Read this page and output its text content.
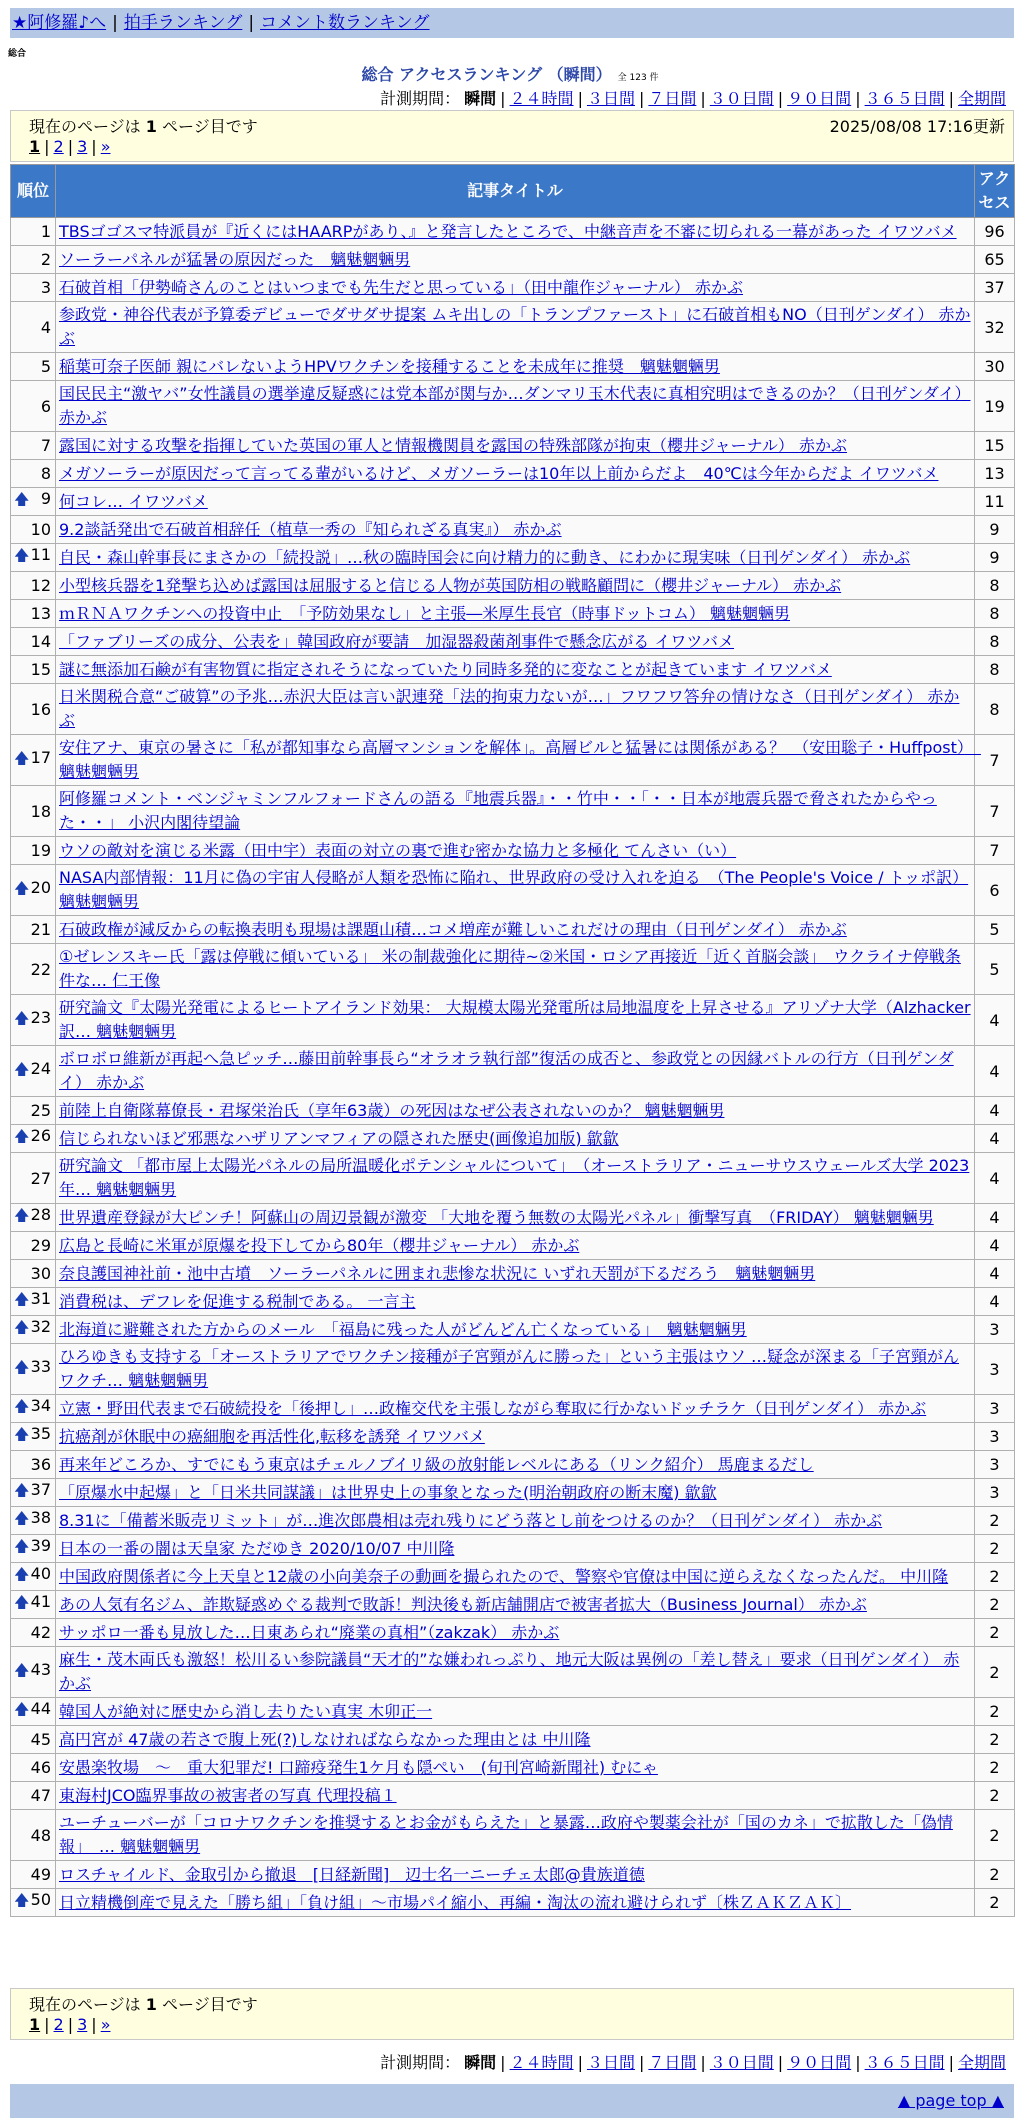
★阿修羅♪へ | 拍手ランキング | コメント数ランキング
総合
総合 アクセスランキング （瞬間） 全 123 件
計測期間： 瞬間 | ２４時間 | ３日間 | ７日間 | ３０日間 | ９０日間 | ３６５日間 | 全期間
現在のページは 1 ページ目です	2025/08/08 17:16更新
1 | 2 | 3 | »
順位	記事タイトル	アクセス
1	TBSゴゴスマ特派員が『近くにはHAARPがあり、』と発言したところで、中継音声を不審に切られる一幕があった イワツバメ	96
2	ソーラーパネルが猛暑の原因だった　魑魅魍魎男	65
3	石破首相「伊勢崎さんのことはいつまでも先生だと思っている」（田中龍作ジャーナル） 赤かぶ	37
4	参政党・神谷代表が予算委デビューでダサダサ提案 ムキ出しの「トランプファースト」に石破首相もNO（日刊ゲンダイ） 赤かぶ	32
5	稲葉可奈子医師 親にバレないようHPVワクチンを接種することを未成年に推奨　魑魅魍魎男	30
6	国民民主“激ヤバ”女性議員の選挙違反疑惑には党本部が関与か…ダンマリ玉木代表に真相究明はできるのか？（日刊ゲンダイ） 赤かぶ	19
7	露国に対する攻撃を指揮していた英国の軍人と情報機関員を露国の特殊部隊が拘束（櫻井ジャーナル） 赤かぶ	15
8	メガソーラーが原因だって言ってる輩がいるけど、メガソーラーは10年以上前からだよ　40℃は今年からだよ イワツバメ	13

🡅 9	何コレ… イワツバメ	11
10	9.2談話発出で石破首相辞任（植草一秀の『知られざる真実』） 赤かぶ	9

🡅 11	自民・森山幹事長にまさかの「続投説」…秋の臨時国会に向け精力的に動き、にわかに現実味（日刊ゲンダイ） 赤かぶ	9
12	小型核兵器を1発撃ち込めば露国は屈服すると信じる人物が英国防相の戦略顧問に（櫻井ジャーナル） 赤かぶ	8
13	ｍＲＮＡワクチンへの投資中止　「予防効果なし」と主張―米厚生長官（時事ドットコム） 魑魅魍魎男	8
14	「ファブリーズの成分、公表を」韓国政府が要請　加湿器殺菌剤事件で懸念広がる イワツバメ	8
15	謎に無添加石鹸が有害物質に指定されそうになっていたり同時多発的に変なことが起きています イワツバメ	8
16	日米関税合意“ご破算”の予兆…赤沢大臣は言い訳連発「法的拘束力ないが…」フワフワ答弁の情けなさ（日刊ゲンダイ） 赤かぶ	8

🡅 17	安住アナ、東京の暑さに「私が都知事なら高層マンションを解体」。高層ビルと猛暑には関係がある？　（安田聡子・Huffpost）　魑魅魍魎男	7
18	阿修羅コメント・ベンジャミンフルフォードさんの語る『地震兵器』・・竹中・・「・・日本が地震兵器で脅されたからやった・・」 小沢内閣待望論	7
19	ウソの敵対を演じる米露（田中宇）表面の対立の裏で進む密かな協力と多極化 てんさい（い）	7

🡅 20	NASA内部情報：11月に偽の宇宙人侵略が人類を恐怖に陥れ、世界政府の受け入れを迫る　（The People's Voice / トッポ訳） 魑魅魍魎男	6
21	石破政権が減反からの転換表明も現場は課題山積…コメ増産が難しいこれだけの理由（日刊ゲンダイ） 赤かぶ	5
22	①ゼレンスキー氏「露は停戦に傾いている」 米の制裁強化に期待~②米国・ロシア再接近「近く首脳会談」　ウクライナ停戦条件な… 仁王像	5

🡅 23	研究論文『太陽光発電によるヒートアイランド効果： 大規模太陽光発電所は局地温度を上昇させる』アリゾナ大学（Alzhacker訳… 魑魅魍魎男	4

🡅 24	ボロボロ維新が再起へ急ピッチ…藤田前幹事長ら“オラオラ執行部”復活の成否と、参政党との因縁バトルの行方（日刊ゲンダイ） 赤かぶ	4
25	前陸上自衛隊幕僚長・君塚栄治氏（享年63歳）の死因はなぜ公表されないのか？ 魑魅魍魎男	4

🡅 26	信じられないほど邪悪なハザリアンマフィアの隠された歴史(画像追加版) 歙歙	4
27	研究論文 「都市屋上太陽光パネルの局所温暖化ポテンシャルについて」　（オーストラリア・ニューサウスウェールズ大学 2023年… 魑魅魍魎男	4

🡅 28	世界遺産登録が大ピンチ！阿蘇山の周辺景観が激変 「大地を覆う無数の太陽光パネル」衝撃写真　（FRIDAY） 魑魅魍魎男	4
29	広島と長崎に米軍が原爆を投下してから80年（櫻井ジャーナル） 赤かぶ	4
30	奈良護国神社前・池中古墳　ソーラーパネルに囲まれ悲惨な状況に いずれ天罰が下るだろう　魑魅魍魎男	4

🡅 31	消費税は、デフレを促進する税制である。 一言主	4

🡅 32	北海道に避難された方からのメール　「福島に残った人がどんどん亡くなっている」　魑魅魍魎男	3

🡅 33	ひろゆきも支持する「オーストラリアでワクチン接種が子宮頸がんに勝った」という主張はウソ …疑念が深まる「子宮頸がんワクチ… 魑魅魍魎男	3

🡅 34	立憲・野田代表まで石破続投を「後押し」…政権交代を主張しながら奪取に行かないドッチラケ（日刊ゲンダイ） 赤かぶ	3

🡅 35	抗癌剤が休眠中の癌細胞を再活性化,転移を誘発 イワツバメ	3
36	再来年どころか、すでにもう東京はチェルノブイリ級の放射能レベルにある（リンク紹介） 馬鹿まるだし	3

🡅 37	「原爆水中起爆」と「日米共同謀議」は世界史上の事象となった(明治朝政府の断末魔) 歙歙	3

🡅 38	8.31に「備蓄米販売リミット」が…進次郎農相は売れ残りにどう落とし前をつけるのか？（日刊ゲンダイ） 赤かぶ	2

🡅 39	日本の一番の闇は天皇家 ただゆき 2020/10/07 中川隆	2

🡅 40	中国政府関係者に今上天皇と12歳の小向美奈子の動画を撮られたので、警察や官僚は中国に逆らえなくなったんだ。 中川隆	2

🡅 41	あの人気有名ジム、詐欺疑惑めぐる裁判で敗訴！判決後も新店舗開店で被害者拡大（Business Journal） 赤かぶ	2
42	サッポロ一番も見放した…日東あられ“廃業の真相”（zakzak） 赤かぶ	2

🡅 43	麻生・茂木両氏も激怒！松川るい参院議員“天才的”な嫌われっぷり、地元大阪は異例の「差し替え」要求（日刊ゲンダイ） 赤かぶ	2

🡅 44	韓国人が絶対に歴史から消し去りたい真実 木卯正一	2
45	高円宮が 47歳の若さで腹上死(?)しなければならなかった理由とは 中川隆	2
46	安愚楽牧場　～　重大犯罪だ! 口蹄疫発生1ケ月も隠ぺい　(旬刊宮崎新聞社) むにゃ	2
47	東海村JCO臨界事故の被害者の写真 代理投稿１	2
48	ユーチューバーが「コロナワクチンを推奨するとお金がもらえた」と暴露…政府や製薬会社が「国のカネ」で拡散した「偽情報」　… 魑魅魍魎男	2
49	ロスチャイルド、金取引から撤退　[日経新聞]　辺士名一ニーチェ太郎@貴族道德	2

🡅 50	日立精機倒産で見えた「勝ち組」「負け組」～市場パイ縮小、再編・淘汰の流れ避けられず〔株ＺＡＫＺＡＫ〕	2
現在のページは 1 ページ目です
1 | 2 | 3 | »
計測期間： 瞬間 | ２４時間 | ３日間 | ７日間 | ３０日間 | ９０日間 | ３６５日間 | 全期間
▲ page top ▲
